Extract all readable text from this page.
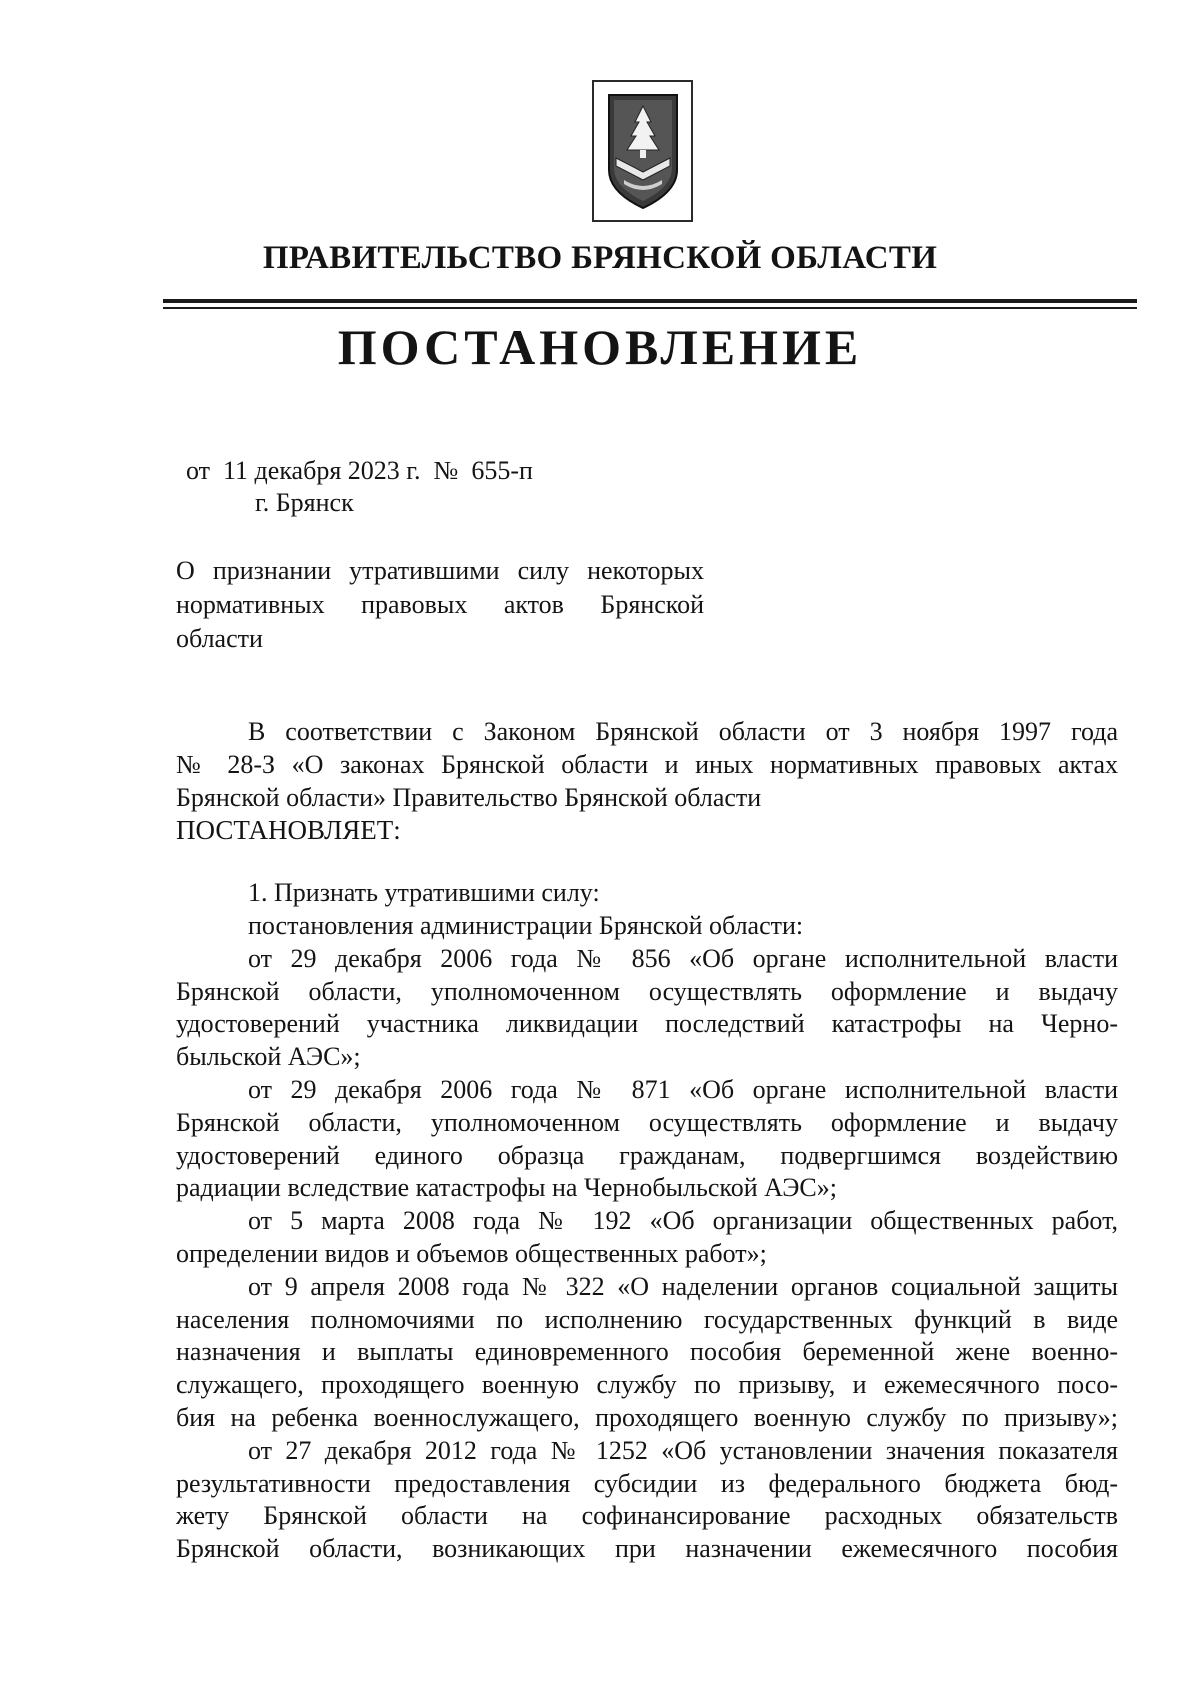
ПРАВИТЕЛЬСТВО БРЯНСКОЙ ОБЛАСТИ
ПОСТАНОВЛЕНИЕ
от  11 декабря 2023 г.  №  655-п
г. Брянск
О признании утратившими силу некоторых
нормативных правовых актов Брянской
области
В соответствии с Законом Брянской области от 3 ноября 1997 года
№ 28-З «О законах Брянской области и иных нормативных правовых актах
Брянской области» Правительство Брянской области
ПОСТАНОВЛЯЕТ:
1. Признать утратившими силу:
постановления администрации Брянской области:
от 29 декабря 2006 года № 856 «Об органе исполнительной власти
Брянской области, уполномоченном осуществлять оформление и выдачу
удостоверений участника ликвидации последствий катастрофы на Черно-
быльской АЭС»;
от 29 декабря 2006 года № 871 «Об органе исполнительной власти
Брянской области, уполномоченном осуществлять оформление и выдачу
удостоверений единого образца гражданам, подвергшимся воздействию
радиации вследствие катастрофы на Чернобыльской АЭС»;
от 5 марта 2008 года № 192 «Об организации общественных работ,
определении видов и объемов общественных работ»;
от 9 апреля 2008 года № 322 «О наделении органов социальной защиты
населения полномочиями по исполнению государственных функций в виде
назначения и выплаты единовременного пособия беременной жене военно-
служащего, проходящего военную службу по призыву, и ежемесячного посо-
бия на ребенка военнослужащего, проходящего военную службу по призыву»;
от 27 декабря 2012 года № 1252 «Об установлении значения показателя
результативности предоставления субсидии из федерального бюджета бюд-
жету Брянской области на софинансирование расходных обязательств
Брянской области, возникающих при назначении ежемесячного пособия
